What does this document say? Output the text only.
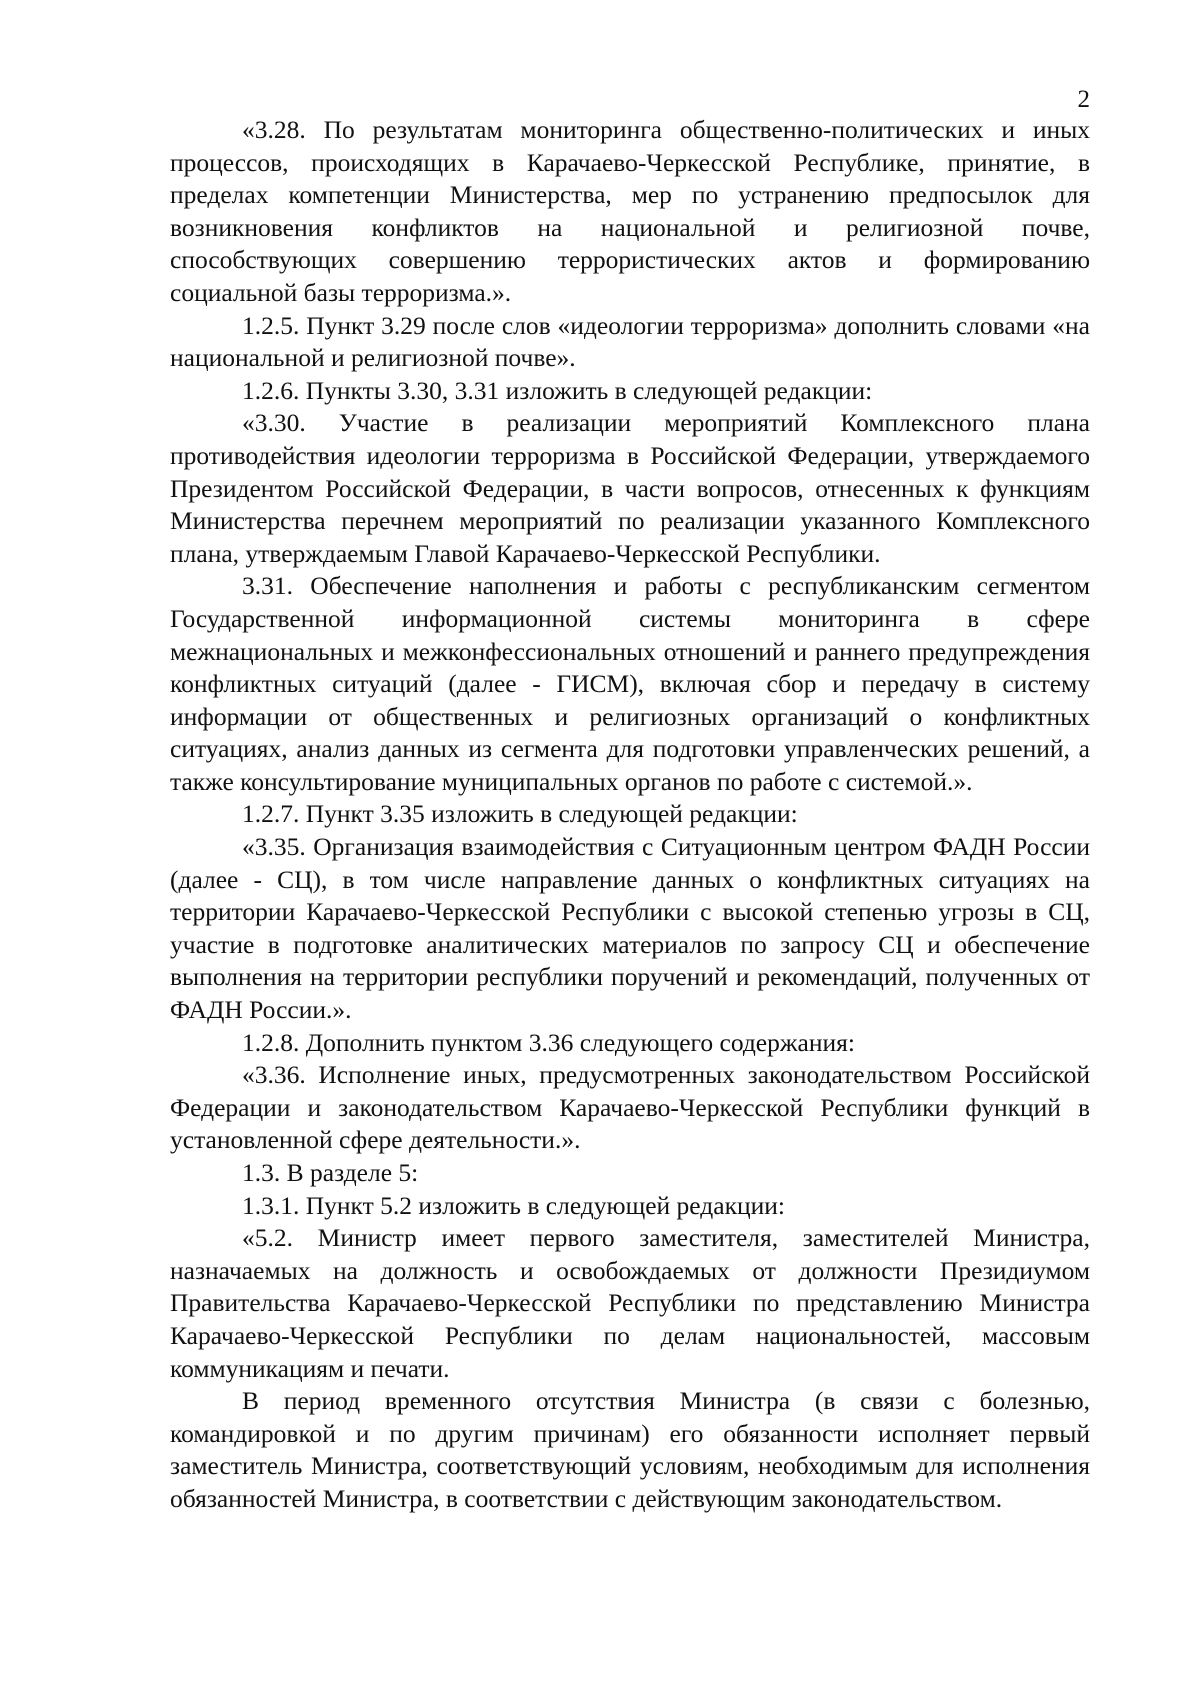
2

«3.28. По результатам мониторинга общественно-политических и иных процессов, происходящих в Карачаево-Черкесской Республике, принятие, в пределах компетенции Министерства, мер по устранению предпосылок для возникновения конфликтов на национальной и религиозной почве, способствующих совершению террористических актов и формированию социальной базы терроризма.».

1.2.5. Пункт 3.29 после слов «идеологии терроризма» дополнить словами «на национальной и религиозной почве».

1.2.6. Пункты 3.30, 3.31 изложить в следующей редакции:

«3.30. Участие в реализации мероприятий Комплексного плана противодействия идеологии терроризма в Российской Федерации, утверждаемого Президентом Российской Федерации, в части вопросов, отнесенных к функциям Министерства перечнем мероприятий по реализации указанного Комплексного плана, утверждаемым Главой Карачаево-Черкесской Республики.

3.31. Обеспечение наполнения и работы с республиканским сегментом Государственной информационной системы мониторинга в сфере межнациональных и межконфессиональных отношений и раннего предупреждения конфликтных ситуаций (далее - ГИСМ), включая сбор и передачу в систему информации от общественных и религиозных организаций о конфликтных ситуациях, анализ данных из сегмента для подготовки управленческих решений, а также консультирование муниципальных органов по работе с системой.».

1.2.7. Пункт 3.35 изложить в следующей редакции:

«3.35. Организация взаимодействия с Ситуационным центром ФАДН России (далее - СЦ), в том числе направление данных о конфликтных ситуациях на территории Карачаево-Черкесской Республики с высокой степенью угрозы в СЦ, участие в подготовке аналитических материалов по запросу СЦ и обеспечение выполнения на территории республики поручений и рекомендаций, полученных от ФАДН России.».

1.2.8. Дополнить пунктом 3.36 следующего содержания:

«3.36. Исполнение иных, предусмотренных законодательством Российской Федерации и законодательством Карачаево-Черкесской Республики функций в установленной сфере деятельности.».

1.3. В разделе 5:

1.3.1. Пункт 5.2 изложить в следующей редакции:

«5.2. Министр имеет первого заместителя, заместителей Министра, назначаемых на должность и освобождаемых от должности Президиумом Правительства Карачаево-Черкесской Республики по представлению Министра Карачаево-Черкесской Республики по делам национальностей, массовым коммуникациям и печати.

В период временного отсутствия Министра (в связи с болезнью, командировкой и по другим причинам) его обязанности исполняет первый заместитель Министра, соответствующий условиям, необходимым для исполнения обязанностей Министра, в соответствии с действующим законодательством.
